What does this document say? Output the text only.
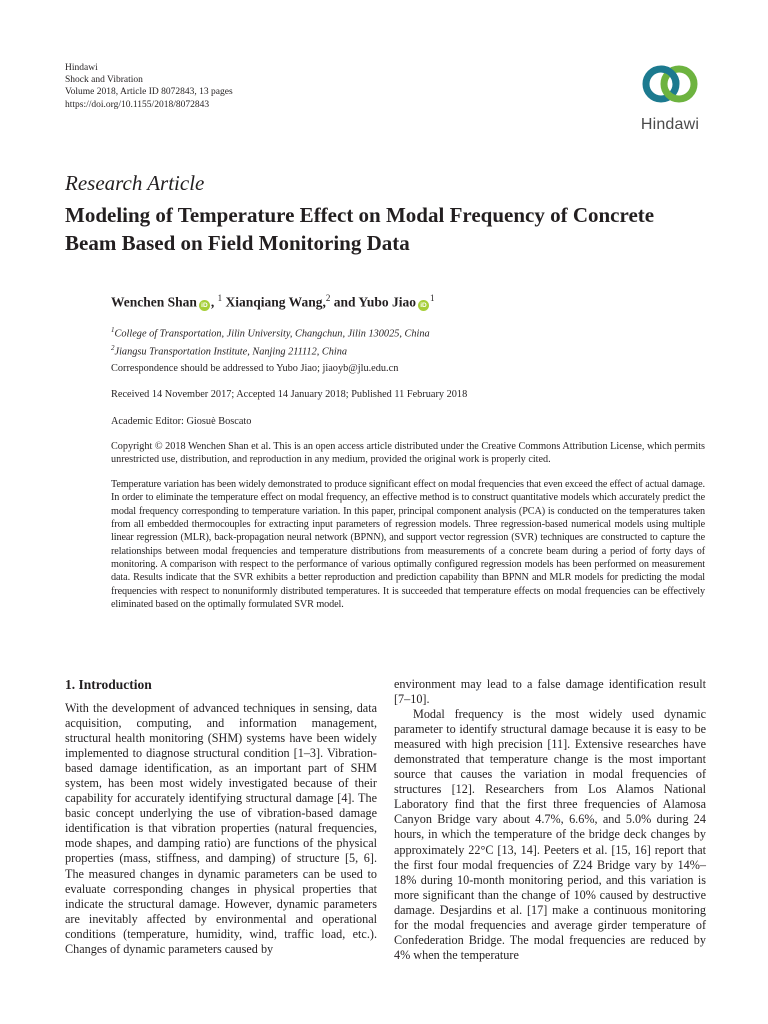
Hindawi
Shock and Vibration
Volume 2018, Article ID 8072843, 13 pages
https://doi.org/10.1155/2018/8072843
Hindawi
Research Article
Modeling of Temperature Effect on Modal Frequency of Concrete Beam Based on Field Monitoring Data
Wenchen Shan iD , $^1$ Xianqiang Wang,$^2$ and Yubo Jiao $iD^1$
$^1$College of Transportation, Jilin University, Changchun, Jilin 130025, China
$^2$Jiangsu Transportation Institute, Nanjing 211112, China
Correspondence should be addressed to Yubo Jiao; jiaoyb@jlu.edu.cn
Received 14 November 2017; Accepted 14 January 2018; Published 11 February 2018
Academic Editor: Giosuè Boscato
Copyright © 2018 Wenchen Shan et al. This is an open access article distributed under the Creative Commons Attribution License, which permits unrestricted use, distribution, and reproduction in any medium, provided the original work is properly cited.
Temperature variation has been widely demonstrated to produce significant effect on modal frequencies that even exceed the effect of actual damage. In order to eliminate the temperature effect on modal frequency, an effective method is to construct quantitative models which accurately predict the modal frequency corresponding to temperature variation. In this paper, principal component analysis (PCA) is conducted on the temperatures taken from all embedded thermocouples for extracting input parameters of regression models. Three regression-based numerical models using multiple linear regression (MLR), back-propagation neural network (BPNN), and support vector regression (SVR) techniques are constructed to capture the relationships between modal frequencies and temperature distributions from measurements of a concrete beam during a period of forty days of monitoring. A comparison with respect to the performance of various optimally configured regression models has been performed on measurement data. Results indicate that the SVR exhibits a better reproduction and prediction capability than BPNN and MLR models for predicting the modal frequencies with respect to nonuniformly distributed temperatures. It is succeeded that temperature effects on modal frequencies can be effectively eliminated based on the optimally formulated SVR model.
1. Introduction

With the development of advanced techniques in sensing, data acquisition, computing, and information management, structural health monitoring (SHM) systems have been widely implemented to diagnose structural condition [1–3]. Vibration-based damage identification, as an important part of SHM system, has been most widely investigated because of their capability for accurately identifying structural damage [4]. The basic concept underlying the use of vibration-based damage identification is that vibration properties (natural frequencies, mode shapes, and damping ratio) are functions of the physical properties (mass, stiffness, and damping) of structure [5, 6]. The measured changes in dynamic parameters can be used to evaluate corresponding changes in physical properties that indicate the structural damage. However, dynamic parameters are inevitably affected by environmental and operational conditions (temperature, humidity, wind, traffic load, etc.). Changes of dynamic parameters caused by

environment may lead to a false damage identification result [7–10].

Modal frequency is the most widely used dynamic parameter to identify structural damage because it is easy to be measured with high precision [11]. Extensive researches have demonstrated that temperature change is the most important source that causes the variation in modal frequencies of structures [12]. Researchers from Los Alamos National Laboratory find that the first three frequencies of Alamosa Canyon Bridge vary about 4.7%, 6.6%, and 5.0% during 24 hours, in which the temperature of the bridge deck changes by approximately 22°C [13, 14]. Peeters et al. [15, 16] report that the first four modal frequencies of Z24 Bridge vary by 14%–18% during 10-month monitoring period, and this variation is more significant than the change of 10% caused by destructive damage. Desjardins et al. [17] make a continuous monitoring for the modal frequencies and average girder temperature of Confederation Bridge. The modal frequencies are reduced by 4% when the temperature
